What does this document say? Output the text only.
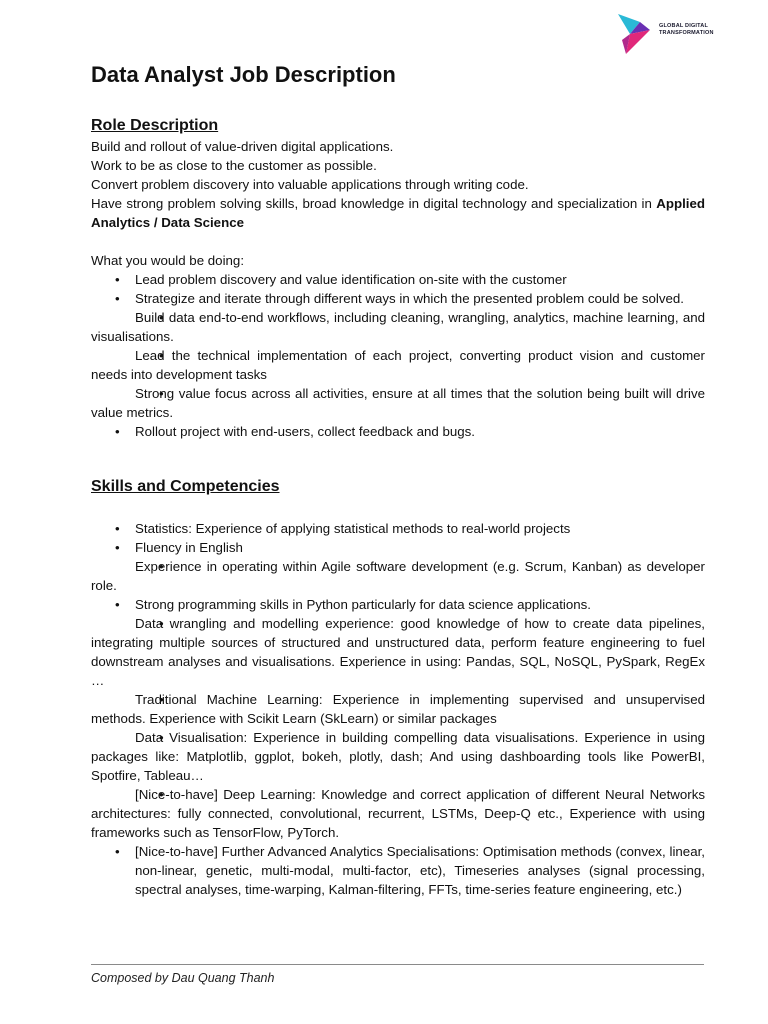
GLOBAL DIGITAL
TRANSFORMATION
Data Analyst Job Description
Role Description

Build and rollout of value-driven digital applications.

Work to be as close to the customer as possible.

Convert problem discovery into valuable applications through writing code.

Have strong problem solving skills, broad knowledge in digital technology and specialization in Applied Analytics / Data Science

What you would be doing:

• Lead problem discovery and value identification on-site with the customer
• Strategize and iterate through different ways in which the presented problem could be solved.
• Build data end-to-end workflows, including cleaning, wrangling, analytics, machine learning, and visualisations.
• Lead the technical implementation of each project, converting product vision and customer needs into development tasks
• Strong value focus across all activities, ensure at all times that the solution being built will drive value metrics.
• Rollout project with end-users, collect feedback and bugs.
Skills and Competencies
• Statistics: Experience of applying statistical methods to real-world projects
• Fluency in English
• Experience in operating within Agile software development (e.g. Scrum, Kanban) as developer role.
• Strong programming skills in Python particularly for data science applications.
• Data wrangling and modelling experience: good knowledge of how to create data pipelines, integrating multiple sources of structured and unstructured data, perform feature engineering to fuel downstream analyses and visualisations. Experience in using: Pandas, SQL, NoSQL, PySpark, RegEx …
• Traditional Machine Learning: Experience in implementing supervised and unsupervised methods. Experience with Scikit Learn (SkLearn) or similar packages
• Data Visualisation: Experience in building compelling data visualisations. Experience in using packages like: Matplotlib, ggplot, bokeh, plotly, dash; And using dashboarding tools like PowerBI, Spotfire, Tableau…
• [Nice-to-have] Deep Learning: Knowledge and correct application of different Neural Networks architectures: fully connected, convolutional, recurrent, LSTMs, Deep-Q etc., Experience with using frameworks such as TensorFlow, PyTorch.
• [Nice-to-have] Further Advanced Analytics Specialisations: Optimisation methods (convex, linear, non-linear, genetic, multi-modal, multi-factor, etc), Timeseries analyses (signal processing, spectral analyses, time-warping, Kalman-filtering, FFTs, time-series feature engineering, etc.)
Composed by Dau Quang Thanh
